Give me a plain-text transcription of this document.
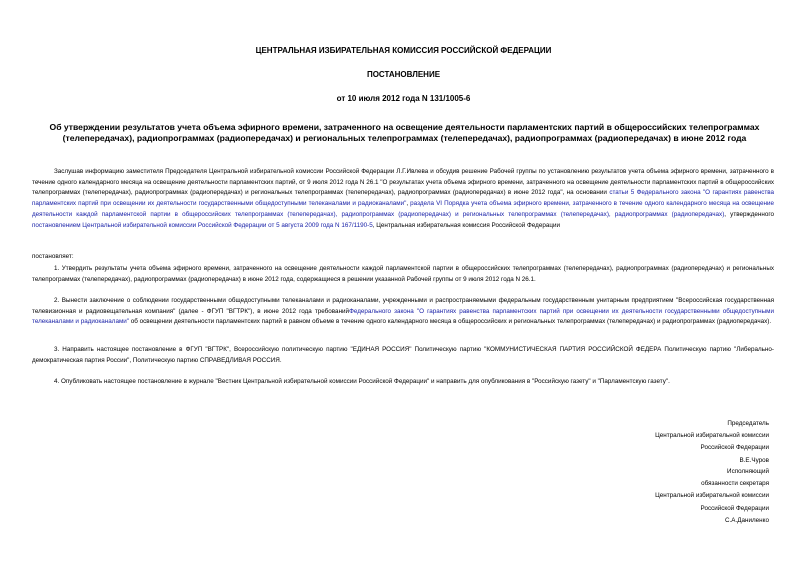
ЦЕНТРАЛЬНАЯ ИЗБИРАТЕЛЬНАЯ КОМИССИЯ РОССИЙСКОЙ ФЕДЕРАЦИИ
ПОСТАНОВЛЕНИЕ
от 10 июля 2012 года N 131/1005-6
Об утверждении результатов учета объема эфирного времени, затраченного на освещение деятельности парламентских партий в общероссийских телепрограммах (телепередачах), радиопрограммах (радиопередачах) и региональных телепрограммах (телепередачах), радиопрограммах (радиопередачах) в июне 2012 года
Заслушав информацию заместителя Председателя Центральной избирательной комиссии Российской Федерации Л.Г.Ивлева и обсудив решение Рабочей группы по установлению результатов учета объема эфирного времени, затраченного в течение одного календарного месяца на освещение деятельности парламентских партий, от 9 июля 2012 года N 26.1 "О результатах учета объема эфирного времени, затраченного на освещение деятельности парламентских партий в общероссийских телепрограммах (телепередачах), радиопрограммах (радиопередачах) и региональных телепрограммах (телепередачах), радиопрограммах (радиопередачах) в июне 2012 года", на основании статьи 5 Федерального закона "О гарантиях равенства парламентских партий при освещении их деятельности государственными общедоступными телеканалами и радиоканалами", раздела VI Порядка учета объема эфирного времени, затраченного в течение одного календарного месяца на освещение деятельности каждой парламентской партии в общероссийских телепрограммах (телепередачах), радиопрограммах (радиопередачах) и региональных телепрограммах (телепередачах), радиопрограммах (радиопередачах), утвержденного постановлением Центральной избирательной комиссии Российской Федерации от 5 августа 2009 года N 167/1190-5, Центральная избирательная комиссия Российской Федерации
постановляет:
1. Утвердить результаты учета объема эфирного времени, затраченного на освещение деятельности каждой парламентской партии в общероссийских телепрограммах (телепередачах), радиопрограммах (радиопередачах) и региональных телепрограммах (телепередачах), радиопрограммах (радиопередачах) в июне 2012 года, содержащиеся в решении указанной Рабочей группы от 9 июля 2012 года N 26.1.
2. Вынести заключение о соблюдении государственными общедоступными телеканалами и радиоканалами, учрежденными и распространяемыми федеральным государственным унитарным предприятием "Всероссийская государственная телевизионная и радиовещательная компания" (далее - ФГУП "ВГТРК"), в июне 2012 года требованийФедерального закона "О гарантиях равенства парламентских партий при освещении их деятельности государственными общедоступными телеканалами и радиоканалами" об освещении деятельности парламентских партий в равном объеме в течение одного календарного месяца в общероссийских и региональных телепрограммах (телепередачах) и радиопрограммах (радиопередачах).
3. Направить настоящее постановление в ФГУП "ВГТРК", Всероссийскую политическую партию "ЕДИНАЯ РОССИЯ" Политическую партию "КОММУНИСТИЧЕСКАЯ ПАРТИЯ РОССИЙСКОЙ ФЕДЕРА Политическую партию "Либерально-демократическая партия России", Политическую партию СПРАВЕДЛИВАЯ РОССИЯ.
4. Опубликовать настоящее постановление в журнале "Вестник Центральной избирательной комиссии Российской Федерации" и направить для опубликования в "Российскую газету" и "Парламентскую газету".
Председатель
Центральной избирательной комиссии
Российской Федерации
В.Е.Чуров
Исполняющий
обязанности секретаря
Центральной избирательной комиссии
Российской Федерации
С.А.Даниленко
